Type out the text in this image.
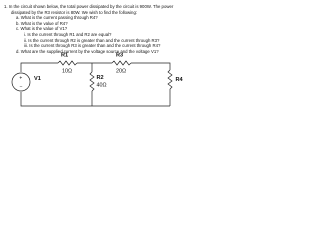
1. In the circuit shown below, the total power dissipated by the circuit is 900W. The power
dissipated by the R3 resistor is 80W. We wish to find the following:
a. What is the current passing through R4?
b. What is the value of R4?
c. What is the value of V1?
i. Is the current through R1 and R2 are equal?
ii. Is the current through R2 is greater than and the current through R3?
iii. Is the current through R3 is greater than and the current through R4?
d. What are the supplied current by the voltage source and the voltage V1?
+
−
R1
10Ω
R3
20Ω
R2
40Ω
R4
V1
